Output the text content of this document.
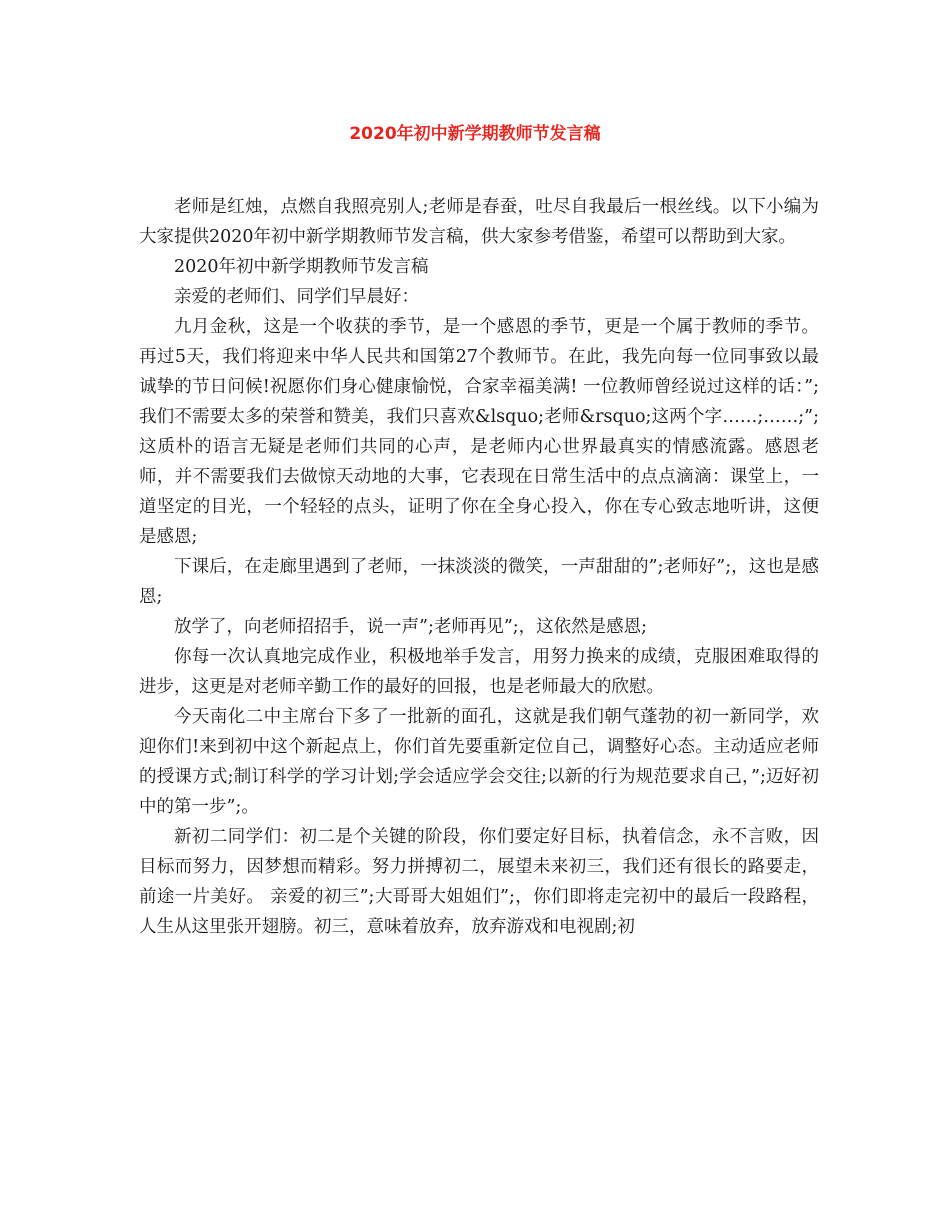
2020年初中新学期教师节发言稿

老师是红烛，点燃自我照亮别人;老师是春蚕，吐尽自我最后一根丝线。以下小编为大家提供2020年初中新学期教师节发言稿，供大家参考借鉴，希望可以帮助到大家。

2020年初中新学期教师节发言稿

亲爱的老师们、同学们早晨好：

九月金秋，这是一个收获的季节，是一个感恩的季节，更是一个属于教师的季节。再过5天，我们将迎来中华人民共和国第27个教师节。在此，我先向每一位同事致以最诚挚的节日问候!祝愿你们身心健康愉悦，合家幸福美满! 一位教师曾经说过这样的话：”;我们不需要太多的荣誉和赞美，我们只喜欢&lsquo;老师&rsquo;这两个字……;……;”;这质朴的语言无疑是老师们共同的心声，是老师内心世界最真实的情感流露。感恩老师，并不需要我们去做惊天动地的大事，它表现在日常生活中的点点滴滴：课堂上，一道坚定的目光，一个轻轻的点头，证明了你在全身心投入，你在专心致志地听讲，这便是感恩;

下课后，在走廊里遇到了老师，一抹淡淡的微笑，一声甜甜的”;老师好”;，这也是感恩;

放学了，向老师招招手，说一声”;老师再见”;，这依然是感恩;

你每一次认真地完成作业，积极地举手发言，用努力换来的成绩，克服困难取得的进步，这更是对老师辛勤工作的最好的回报，也是老师最大的欣慰。

今天南化二中主席台下多了一批新的面孔，这就是我们朝气蓬勃的初一新同学，欢迎你们!来到初中这个新起点上，你们首先要重新定位自己，调整好心态。主动适应老师的授课方式;制订科学的学习计划;学会适应学会交往;以新的行为规范要求自己，”;迈好初中的第一步”;。

新初二同学们：初二是个关键的阶段，你们要定好目标，执着信念，永不言败，因目标而努力，因梦想而精彩。努力拼搏初二，展望未来初三，我们还有很长的路要走，前途一片美好。 亲爱的初三”;大哥哥大姐姐们”;，你们即将走完初中的最后一段路程，人生从这里张开翅膀。初三，意味着放弃，放弃游戏和电视剧;初
